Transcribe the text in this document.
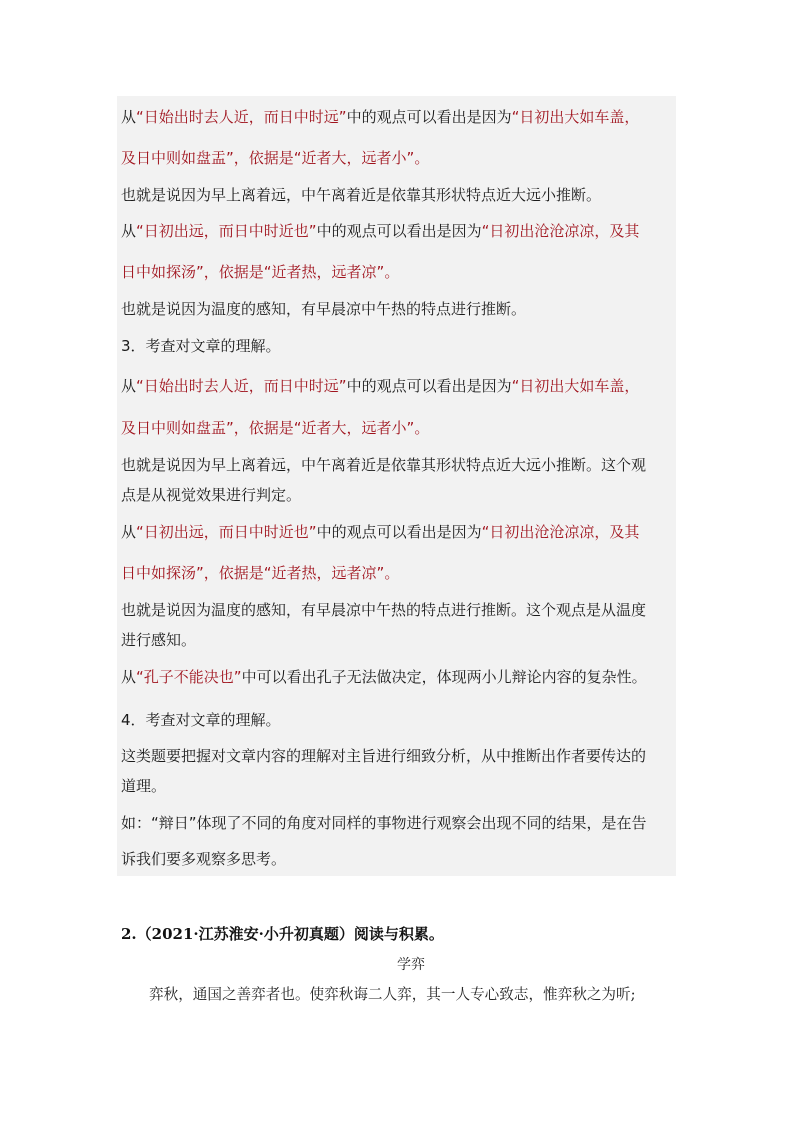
从“日始出时去人近，而日中时远”中的观点可以看出是因为“日初出大如车盖，

及日中则如盘盂”，依据是“近者大，远者小”。

也就是说因为早上离着远，中午离着近是依靠其形状特点近大远小推断。

从“日初出远，而日中时近也”中的观点可以看出是因为“日初出沧沧凉凉，及其

日中如探汤”，依据是“近者热，远者凉”。

也就是说因为温度的感知，有早晨凉中午热的特点进行推断。

3．考查对文章的理解。

从“日始出时去人近，而日中时远”中的观点可以看出是因为“日初出大如车盖，

及日中则如盘盂”，依据是“近者大，远者小”。

也就是说因为早上离着远，中午离着近是依靠其形状特点近大远小推断。这个观

点是从视觉效果进行判定。

从“日初出远，而日中时近也”中的观点可以看出是因为“日初出沧沧凉凉，及其

日中如探汤”，依据是“近者热，远者凉”。

也就是说因为温度的感知，有早晨凉中午热的特点进行推断。这个观点是从温度

进行感知。

从“孔子不能决也”中可以看出孔子无法做决定，体现两小儿辩论内容的复杂性。

4．考查对文章的理解。

这类题要把握对文章内容的理解对主旨进行细致分析，从中推断出作者要传达的

道理。

如：“辩日”体现了不同的角度对同样的事物进行观察会出现不同的结果，是在告

诉我们要多观察多思考。

2.（2021·江苏淮安·小升初真题）阅读与积累。

学弈

弈秋，通国之善弈者也。使弈秋诲二人弈，其一人专心致志，惟弈秋之为听;
